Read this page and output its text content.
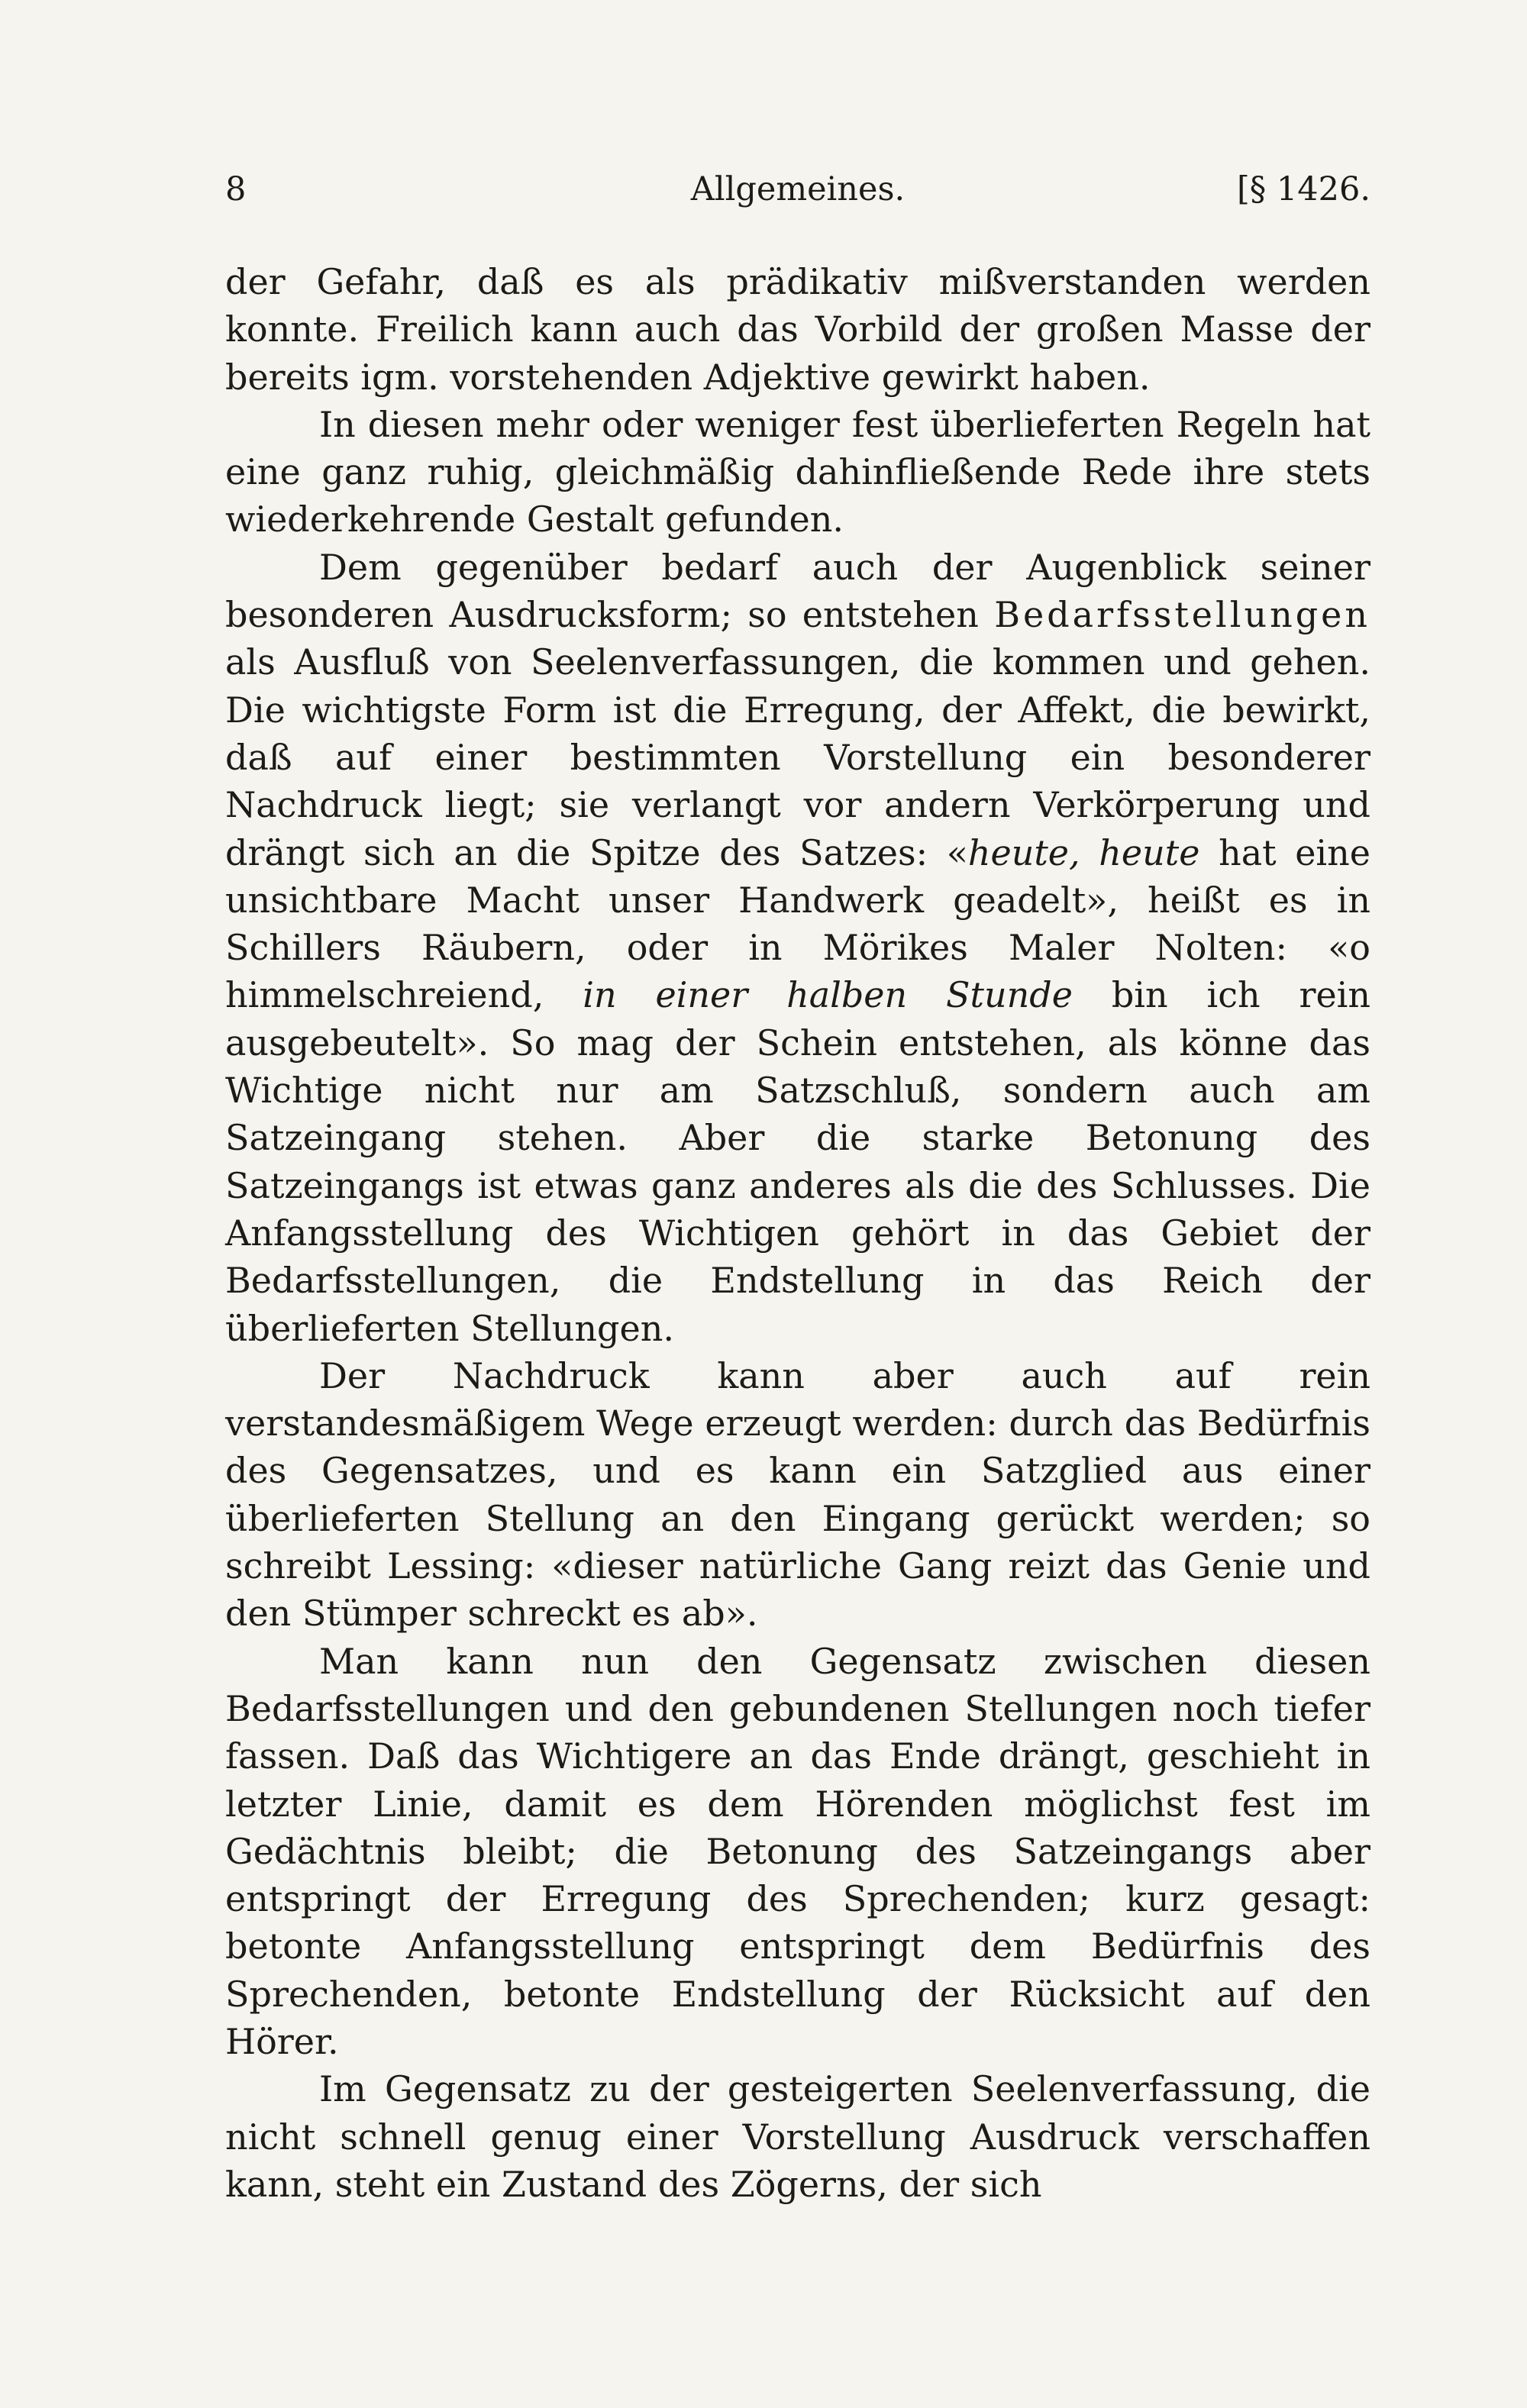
8	Allgemeines.	[§ 1426.

der Gefahr, daß es als prädikativ mißverstanden werden konnte. Freilich kann auch das Vorbild der großen Masse der bereits igm. vorstehenden Adjektive gewirkt haben.

In diesen mehr oder weniger fest überlieferten Regeln hat eine ganz ruhig, gleichmäßig dahinfließende Rede ihre stets wiederkehrende Gestalt gefunden.

Dem gegenüber bedarf auch der Augenblick seiner besonderen Ausdrucksform; so entstehen Bedarfsstellungen als Ausfluß von Seelenverfassungen, die kommen und gehen. Die wichtigste Form ist die Erregung, der Affekt, die bewirkt, daß auf einer bestimmten Vorstellung ein besonderer Nachdruck liegt; sie verlangt vor andern Verkörperung und drängt sich an die Spitze des Satzes: «heute, heute hat eine unsichtbare Macht unser Handwerk geadelt», heißt es in Schillers Räubern, oder in Mörikes Maler Nolten: «o himmelschreiend, in einer halben Stunde bin ich rein ausgebeutelt». So mag der Schein entstehen, als könne das Wichtige nicht nur am Satzschluß, sondern auch am Satzeingang stehen. Aber die starke Betonung des Satzeingangs ist etwas ganz anderes als die des Schlusses. Die Anfangsstellung des Wichtigen gehört in das Gebiet der Bedarfsstellungen, die Endstellung in das Reich der überlieferten Stellungen.

Der Nachdruck kann aber auch auf rein verstandesmäßigem Wege erzeugt werden: durch das Bedürfnis des Gegensatzes, und es kann ein Satzglied aus einer überlieferten Stellung an den Eingang gerückt werden; so schreibt Lessing: «dieser natürliche Gang reizt das Genie und den Stümper schreckt es ab».

Man kann nun den Gegensatz zwischen diesen Bedarfsstellungen und den gebundenen Stellungen noch tiefer fassen. Daß das Wichtigere an das Ende drängt, geschieht in letzter Linie, damit es dem Hörenden möglichst fest im Gedächtnis bleibt; die Betonung des Satzeingangs aber entspringt der Erregung des Sprechenden; kurz gesagt: betonte Anfangsstellung entspringt dem Bedürfnis des Sprechenden, betonte Endstellung der Rücksicht auf den Hörer.

Im Gegensatz zu der gesteigerten Seelenverfassung, die nicht schnell genug einer Vorstellung Ausdruck verschaffen kann, steht ein Zustand des Zögerns, der sich
